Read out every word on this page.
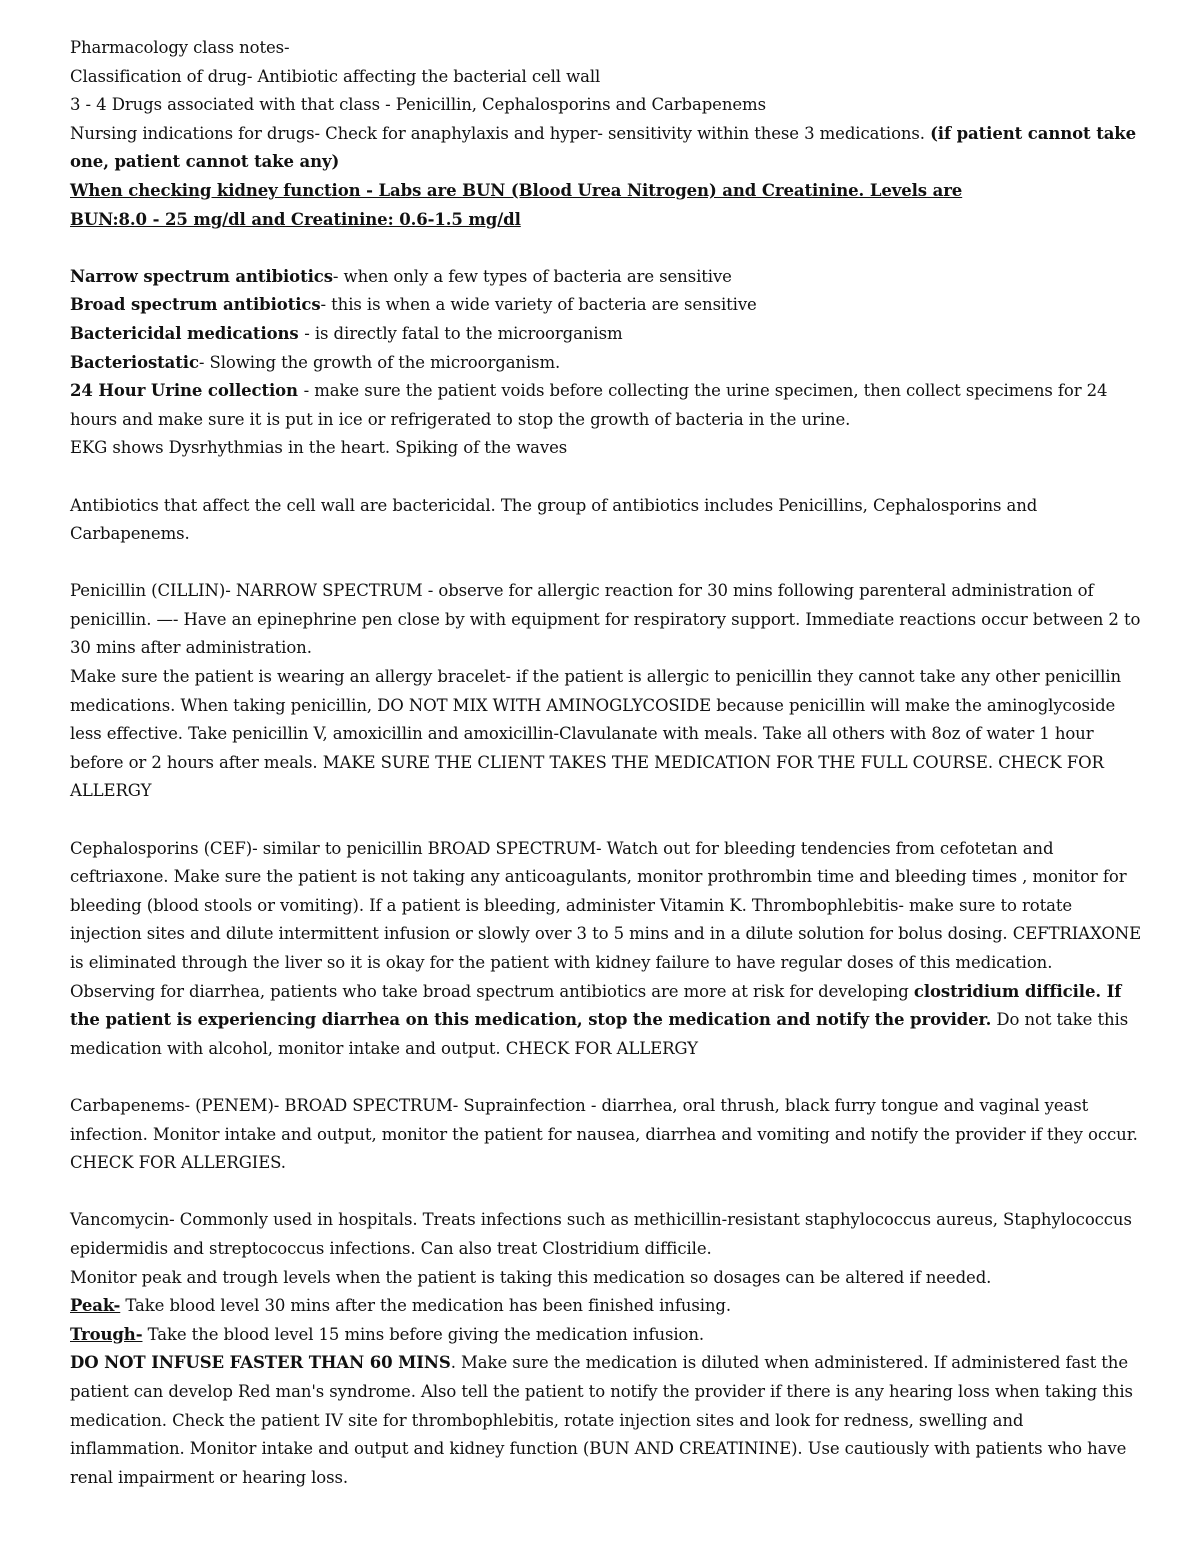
Pharmacology class notes-
Classification of drug- Antibiotic affecting the bacterial cell wall
3 - 4 Drugs associated with that class - Penicillin, Cephalosporins and Carbapenems
Nursing indications for drugs- Check for anaphylaxis and hyper- sensitivity within these 3 medications. (if patient cannot take one, patient cannot take any)
When checking kidney function - Labs are BUN (Blood Urea Nitrogen) and Creatinine. Levels are
BUN:8.0 - 25 mg/dl and Creatinine: 0.6-1.5 mg/dl
Narrow spectrum antibiotics- when only a few types of bacteria are sensitive
Broad spectrum antibiotics- this is when a wide variety of bacteria are sensitive
Bactericidal medications - is directly fatal to the microorganism
Bacteriostatic- Slowing the growth of the microorganism.
24 Hour Urine collection - make sure the patient voids before collecting the urine specimen, then collect specimens for 24 hours and make sure it is put in ice or refrigerated to stop the growth of bacteria in the urine.
EKG shows Dysrhythmias in the heart. Spiking of the waves
Antibiotics that affect the cell wall are bactericidal. The group of antibiotics includes Penicillins, Cephalosporins and Carbapenems.
Penicillin (CILLIN)- NARROW SPECTRUM - observe for allergic reaction for 30 mins following parenteral administration of penicillin. —- Have an epinephrine pen close by with equipment for respiratory support. Immediate reactions occur between 2 to 30 mins after administration.
Make sure the patient is wearing an allergy bracelet- if the patient is allergic to penicillin they cannot take any other penicillin medications. When taking penicillin, DO NOT MIX WITH AMINOGLYCOSIDE because penicillin will make the aminoglycoside less effective. Take penicillin V, amoxicillin and amoxicillin-Clavulanate with meals. Take all others with 8oz of water 1 hour before or 2 hours after meals. MAKE SURE THE CLIENT TAKES THE MEDICATION FOR THE FULL COURSE. CHECK FOR ALLERGY
Cephalosporins (CEF)- similar to penicillin BROAD SPECTRUM- Watch out for bleeding tendencies from cefotetan and ceftriaxone. Make sure the patient is not taking any anticoagulants, monitor prothrombin time and bleeding times , monitor for bleeding (blood stools or vomiting). If a patient is bleeding, administer Vitamin K. Thrombophlebitis- make sure to rotate injection sites and dilute intermittent infusion or slowly over 3 to 5 mins and in a dilute solution for bolus dosing. CEFTRIAXONE is eliminated through the liver so it is okay for the patient with kidney failure to have regular doses of this medication. Observing for diarrhea, patients who take broad spectrum antibiotics are more at risk for developing clostridium difficile. If the patient is experiencing diarrhea on this medication, stop the medication and notify the provider. Do not take this medication with alcohol, monitor intake and output. CHECK FOR ALLERGY
Carbapenems- (PENEM)- BROAD SPECTRUM- Suprainfection - diarrhea, oral thrush, black furry tongue and vaginal yeast infection. Monitor intake and output, monitor the patient for nausea, diarrhea and vomiting and notify the provider if they occur. CHECK FOR ALLERGIES.
Vancomycin- Commonly used in hospitals. Treats infections such as methicillin-resistant staphylococcus aureus, Staphylococcus epidermidis and streptococcus infections. Can also treat Clostridium difficile.
Monitor peak and trough levels when the patient is taking this medication so dosages can be altered if needed.
Peak- Take blood level 30 mins after the medication has been finished infusing.
Trough- Take the blood level 15 mins before giving the medication infusion.
DO NOT INFUSE FASTER THAN 60 MINS. Make sure the medication is diluted when administered. If administered fast the patient can develop Red man's syndrome. Also tell the patient to notify the provider if there is any hearing loss when taking this medication. Check the patient IV site for thrombophlebitis, rotate injection sites and look for redness, swelling and inflammation. Monitor intake and output and kidney function (BUN AND CREATININE). Use cautiously with patients who have renal impairment or hearing loss.
